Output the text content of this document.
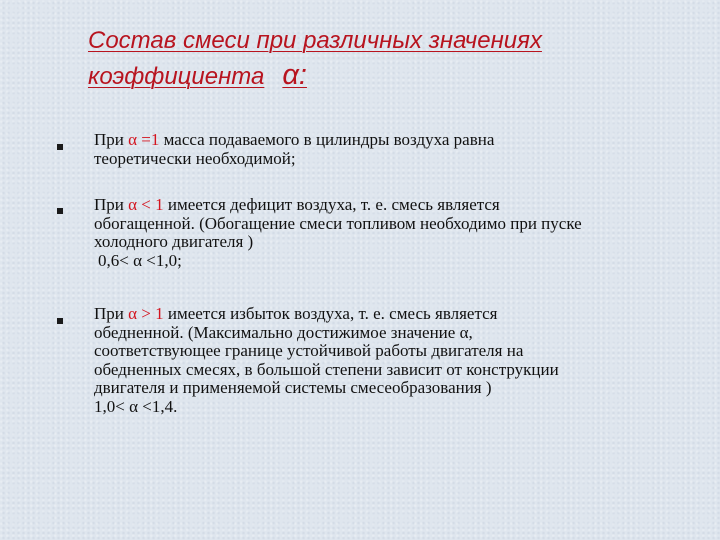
Состав смеси при различных значениях
коэффициента α:
При α =1 масса подаваемого в цилиндры воздуха равна
теоретически необходимой;
При α < 1 имеется дефицит воздуха, т. е. смесь является
обогащенной. (Обогащение смеси топливом необходимо при пуске
холодного двигателя )
0,6< α <1,0;
При α > 1 имеется избыток воздуха, т. е. смесь является
обедненной. (Максимально достижимое значение α,
соответствующее границе устойчивой работы двигателя на
обедненных смесях, в большой степени зависит от конструкции
двигателя и применяемой системы смесеобразования )
1,0< α <1,4.
